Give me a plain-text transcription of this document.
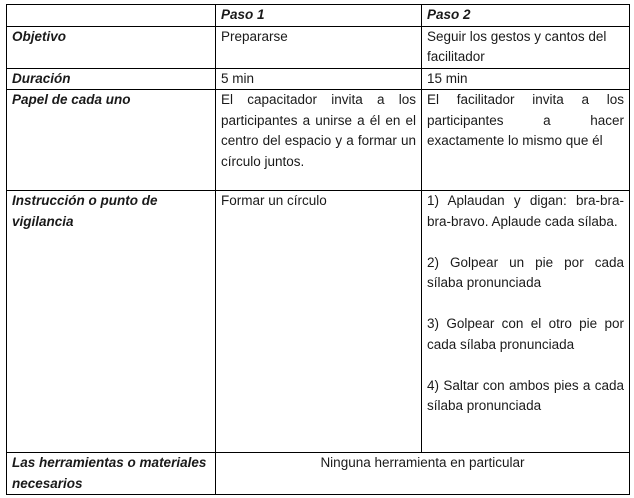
	Paso 1	Paso 2
Objetivo	Prepararse	Seguir los gestos y cantos del facilitador
Duración	5 min	15 min
Papel de cada uno	El capacitador invita a los participantes a unirse a él en el centro del espacio y a formar un círculo juntos.	El facilitador invita a los participantes a hacer exactamente lo mismo que él
Instrucción o punto de vigilancia	Formar un círculo	1) Aplaudan y digan: bra-bra-bra-bravo. Aplaude cada sílaba.

2) Golpear un pie por cada sílaba pronunciada

3) Golpear con el otro pie por cada sílaba pronunciada

4) Saltar con ambos pies a cada sílaba pronunciada

Las herramientas o materiales necesarios	Ninguna herramienta en particular	
